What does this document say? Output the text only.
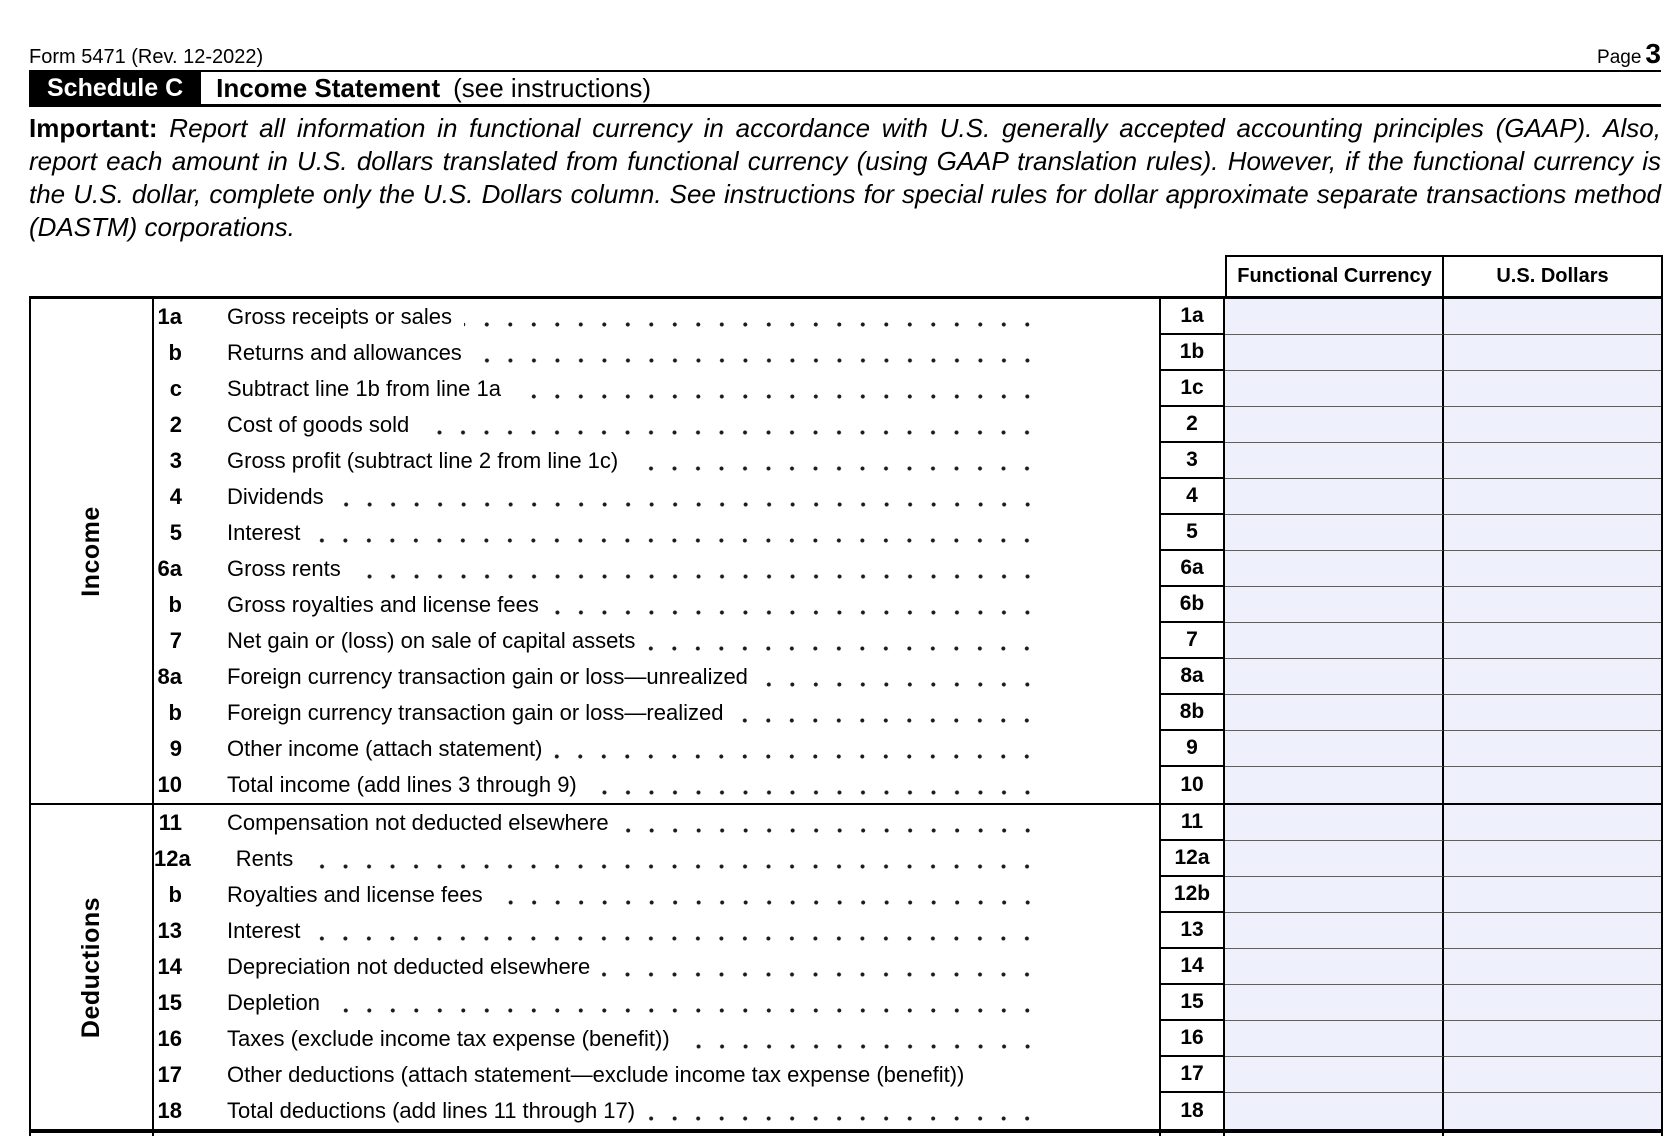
Form 5471 (Rev. 12-2022)	Page 3
Schedule C	Income Statement (see instructions)

Important: Report all information in functional currency in accordance with U.S. generally accepted accounting principles (GAAP). Also, report each amount in U.S. dollars translated from functional currency (using GAAP translation rules). However, if the functional currency is the U.S. dollar, complete only the U.S. Dollars column. See instructions for special rules for dollar approximate separate transactions method (DASTM) corporations.

Functional Currency	U.S. Dollars
Income
1a	Gross receipts or sales	1a
b	Returns and allowances	1b
c	Subtract line 1b from line 1a	1c
2	Cost of goods sold	2
3	Gross profit (subtract line 2 from line 1c)	3
4	Dividends	4
5	Interest	5
6a	Gross rents	6a
b	Gross royalties and license fees	6b
7	Net gain or (loss) on sale of capital assets	7
8a	Foreign currency transaction gain or loss—unrealized	8a
b	Foreign currency transaction gain or loss—realized	8b
9	Other income (attach statement)	9
10	Total income (add lines 3 through 9)	10
Deductions
11	Compensation not deducted elsewhere	11
12a	Rents	12a
b	Royalties and license fees	12b
13	Interest	13
14	Depreciation not deducted elsewhere	14
15	Depletion	15
16	Taxes (exclude income tax expense (benefit))	16
17	Other deductions (attach statement—exclude income tax expense (benefit))	17
18	Total deductions (add lines 11 through 17)	18
